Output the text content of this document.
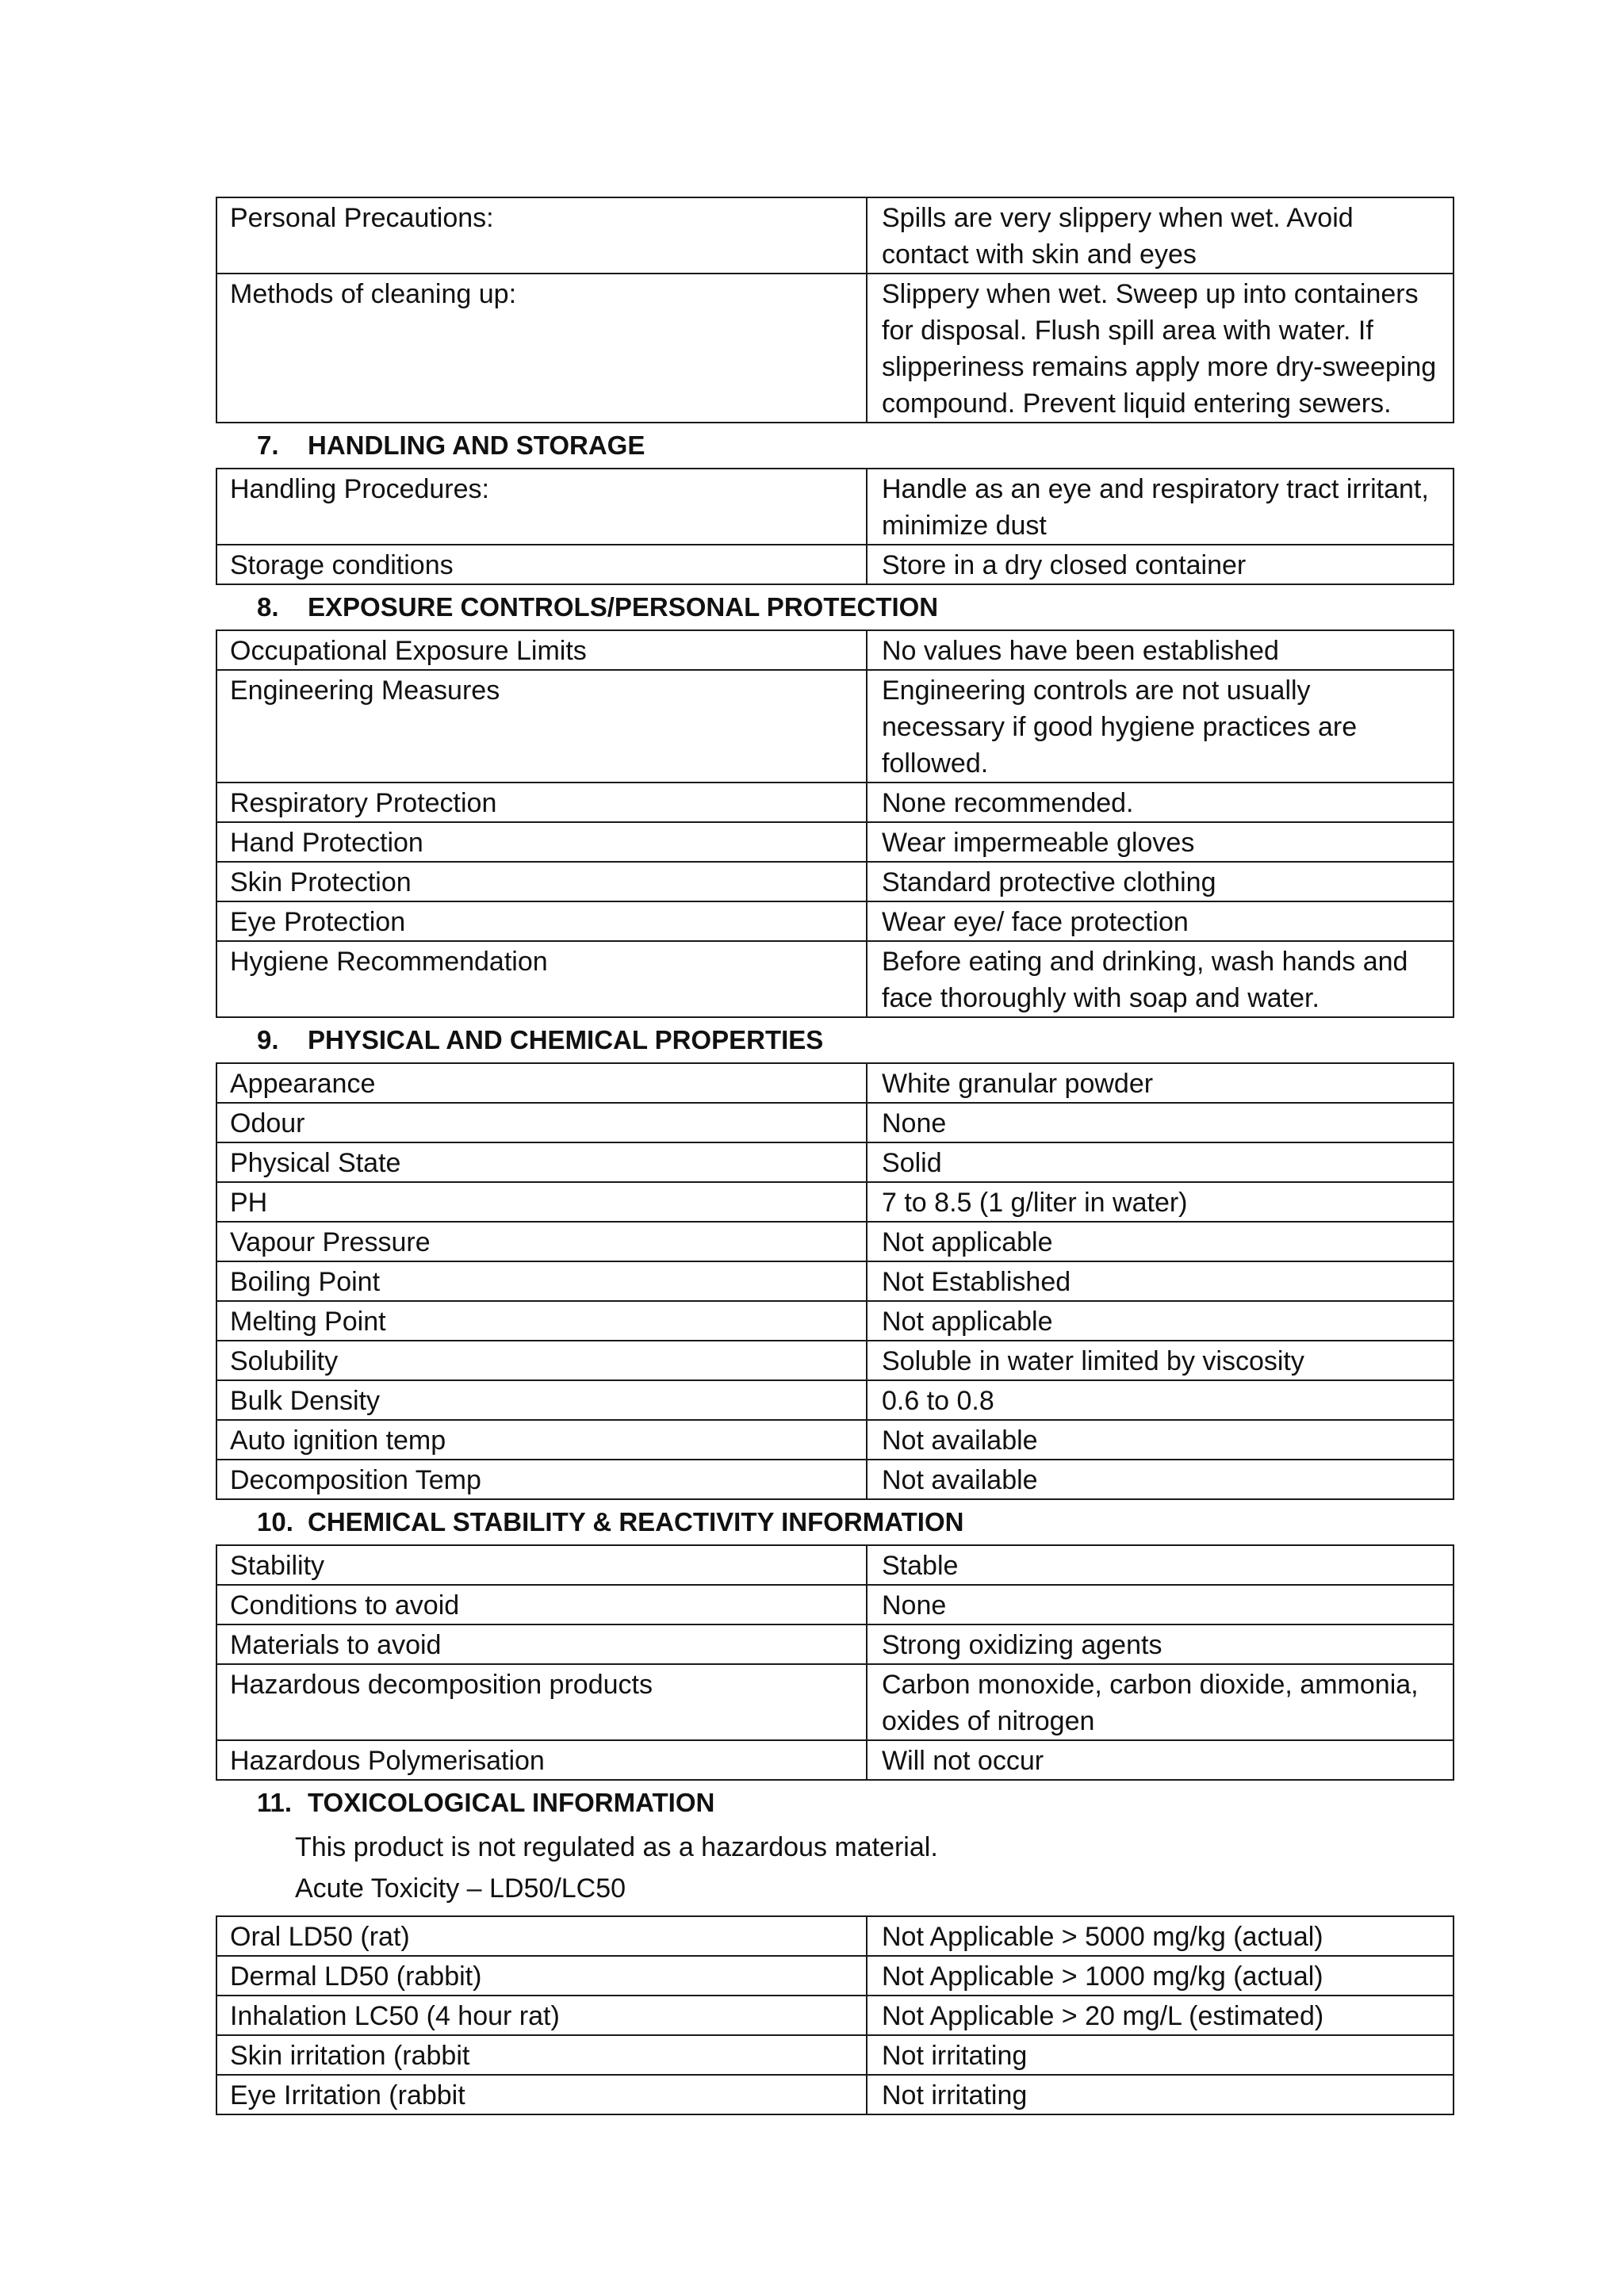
Personal Precautions:	Spills are very slippery when wet. Avoid contact with skin and eyes
Methods of cleaning up:	Slippery when wet. Sweep up into containers for disposal. Flush spill area with water. If slipperiness remains apply more dry-sweeping compound. Prevent liquid entering sewers.
7.	HANDLING AND STORAGE
Handling Procedures:	Handle as an eye and respiratory tract irritant, minimize dust
Storage conditions	Store in a dry closed container
8.	EXPOSURE CONTROLS/PERSONAL PROTECTION
Occupational Exposure Limits	No values have been established
Engineering Measures	Engineering controls are not usually necessary if good hygiene practices are followed.
Respiratory Protection	None recommended.
Hand Protection	Wear impermeable gloves
Skin Protection	Standard protective clothing
Eye Protection	Wear eye/ face protection
Hygiene Recommendation	Before eating and drinking, wash hands and face thoroughly with soap and water.
9.	PHYSICAL AND CHEMICAL PROPERTIES
Appearance	White granular powder
Odour	None
Physical State	Solid
PH	7 to 8.5 (1 g/liter in water)
Vapour Pressure	Not applicable
Boiling Point	Not Established
Melting Point	Not applicable
Solubility	Soluble in water limited by viscosity
Bulk Density	0.6 to 0.8
Auto ignition temp	Not available
Decomposition Temp	Not available
10. CHEMICAL STABILITY & REACTIVITY INFORMATION
Stability	Stable
Conditions to avoid	None
Materials to avoid	Strong oxidizing agents
Hazardous decomposition products	Carbon monoxide, carbon dioxide, ammonia, oxides of nitrogen
Hazardous Polymerisation	Will not occur
11. TOXICOLOGICAL INFORMATION
This product is not regulated as a hazardous material.
Acute Toxicity – LD50/LC50
Oral LD50 (rat)	Not Applicable > 5000 mg/kg (actual)
Dermal LD50 (rabbit)	Not Applicable > 1000 mg/kg (actual)
Inhalation LC50 (4 hour rat)	Not Applicable > 20 mg/L (estimated)
Skin irritation (rabbit	Not irritating
Eye Irritation (rabbit	Not irritating
